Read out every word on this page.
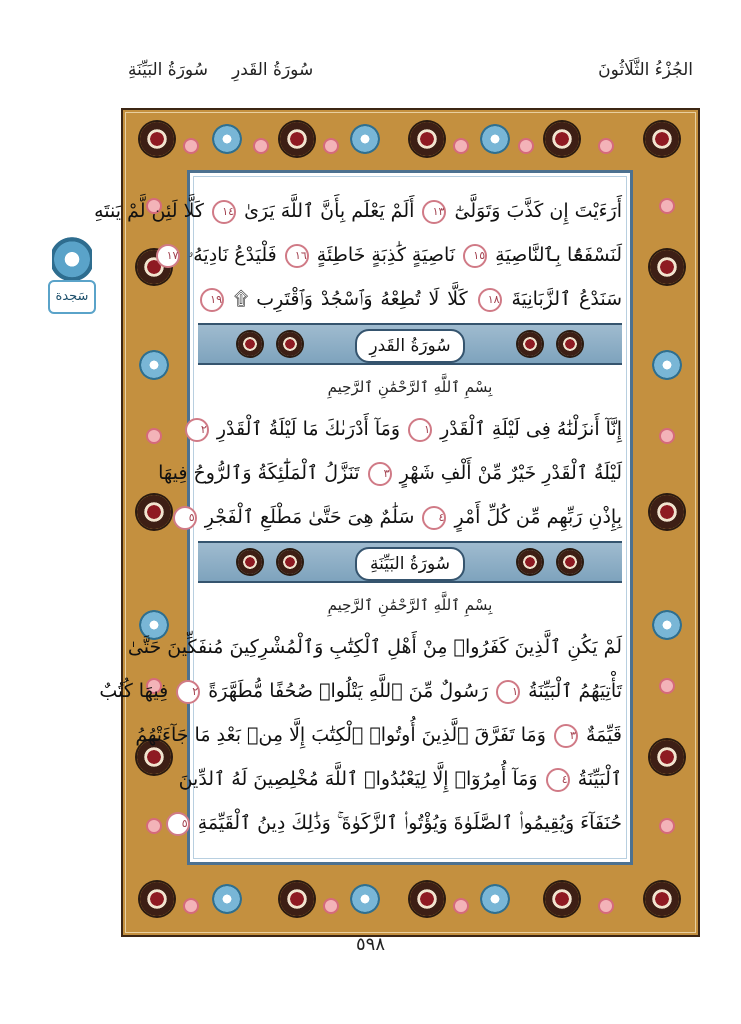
الجُزْءُ الثَّلَاثُونَ
سُورَةُ القَدرِ
سُورَةُ البَيِّنَةِ
أَرَءَيْتَ إِن كَذَّبَ وَتَوَلَّىٰٓ ١٣ أَلَمْ يَعْلَم بِأَنَّ ٱللَّهَ يَرَىٰ ١٤ كَلَّا لَئِن لَّمْ يَنتَهِ
لَنَسْفَعًۢا بِٱلنَّاصِيَةِ ١٥ نَاصِيَةٍ كَٰذِبَةٍ خَاطِئَةٍ ١٦ فَلْيَدْعُ نَادِيَهُۥ ١٧
سَنَدْعُ ٱلزَّبَانِيَةَ ١٨ كَلَّا لَا تُطِعْهُ وَٱسْجُدْ وَٱقْتَرِب ۩ ١٩
سَجدة
سُورَةُ القَدرِ
بِسْمِ ٱللَّهِ ٱلرَّحْمَٰنِ ٱلرَّحِيمِ
إِنَّآ أَنزَلْنَٰهُ فِى لَيْلَةِ ٱلْقَدْرِ ١ وَمَآ أَدْرَىٰكَ مَا لَيْلَةُ ٱلْقَدْرِ ٢
لَيْلَةُ ٱلْقَدْرِ خَيْرٌ مِّنْ أَلْفِ شَهْرٍ ٣ تَنَزَّلُ ٱلْمَلَٰٓئِكَةُ وَٱلرُّوحُ فِيهَا
بِإِذْنِ رَبِّهِم مِّن كُلِّ أَمْرٍ ٤ سَلَٰمٌ هِىَ حَتَّىٰ مَطْلَعِ ٱلْفَجْرِ ٥
سُورَةُ البَيِّنَةِ
بِسْمِ ٱللَّهِ ٱلرَّحْمَٰنِ ٱلرَّحِيمِ
لَمْ يَكُنِ ٱلَّذِينَ كَفَرُوا۟ مِنْ أَهْلِ ٱلْكِتَٰبِ وَٱلْمُشْرِكِينَ مُنفَكِّينَ حَتَّىٰ
تَأْتِيَهُمُ ٱلْبَيِّنَةُ ١ رَسُولٌ مِّنَ ٱللَّهِ يَتْلُوا۟ صُحُفًا مُّطَهَّرَةً ٢ فِيهَا كُتُبٌ
قَيِّمَةٌ ٣ وَمَا تَفَرَّقَ ٱلَّذِينَ أُوتُوا۟ ٱلْكِتَٰبَ إِلَّا مِنۢ بَعْدِ مَا جَآءَتْهُمُ
ٱلْبَيِّنَةُ ٤ وَمَآ أُمِرُوٓا۟ إِلَّا لِيَعْبُدُوا۟ ٱللَّهَ مُخْلِصِينَ لَهُ ٱلدِّينَ
حُنَفَآءَ وَيُقِيمُوا۟ ٱلصَّلَوٰةَ وَيُؤْتُوا۟ ٱلزَّكَوٰةَ ۚ وَذَٰلِكَ دِينُ ٱلْقَيِّمَةِ ٥
٥٩٨
